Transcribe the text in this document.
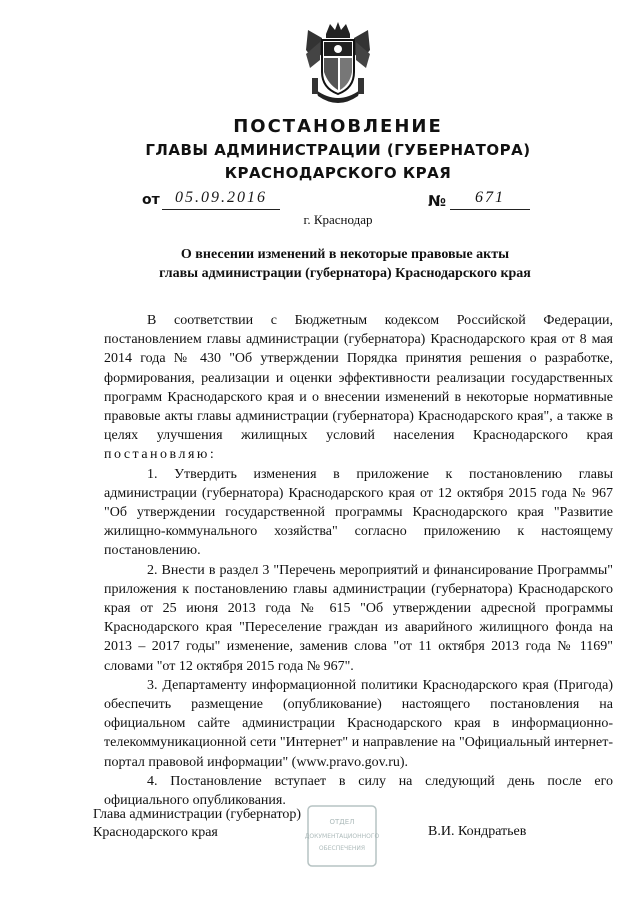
ПОСТАНОВЛЕНИЕ
ГЛАВЫ АДМИНИСТРАЦИИ (ГУБЕРНАТОРА)
КРАСНОДАРСКОГО КРАЯ
от 05.09.2016	№	671
г. Краснодар
О внесении изменений в некоторые правовые акты
главы администрации (губернатора) Краснодарского края

В соответствии с Бюджетным кодексом Российской Федерации, постановлением главы администрации (губернатора) Краснодарского края от 8 мая 2014 года № 430 "Об утверждении Порядка принятия решения о разработке, формирования, реализации и оценки эффективности реализации государственных программ Краснодарского края и о внесении изменений в некоторые нормативные правовые акты главы администрации (губернатора) Краснодарского края", а также в целях улучшения жилищных условий населения Краснодарского края постановляю:

1. Утвердить изменения в приложение к постановлению главы администрации (губернатора) Краснодарского края от 12 октября 2015 года № 967 "Об утверждении государственной программы Краснодарского края "Развитие жилищно-коммунального хозяйства" согласно приложению к настоящему постановлению.

2. Внести в раздел 3 "Перечень мероприятий и финансирование Программы" приложения к постановлению главы администрации (губернатора) Краснодарского края от 25 июня 2013 года № 615 "Об утверждении адресной программы Краснодарского края "Переселение граждан из аварийного жилищного фонда на 2013 – 2017 годы" изменение, заменив слова "от 11 октября 2013 года № 1169" словами "от 12 октября 2015 года № 967".

3. Департаменту информационной политики Краснодарского края (Пригода) обеспечить размещение (опубликование) настоящего постановления на официальном сайте администрации Краснодарского края в информационно-телекоммуникационной сети "Интернет" и направление на "Официальный интернет-портал правовой информации" (www.pravo.gov.ru).

4. Постановление вступает в силу на следующий день после его официального опубликования.

Глава администрации (губернатор)
Краснодарского края
ОТДЕЛ
ДОКУМЕНТАЦИОННОГО
ОБЕСПЕЧЕНИЯ
В.И. Кондратьев
